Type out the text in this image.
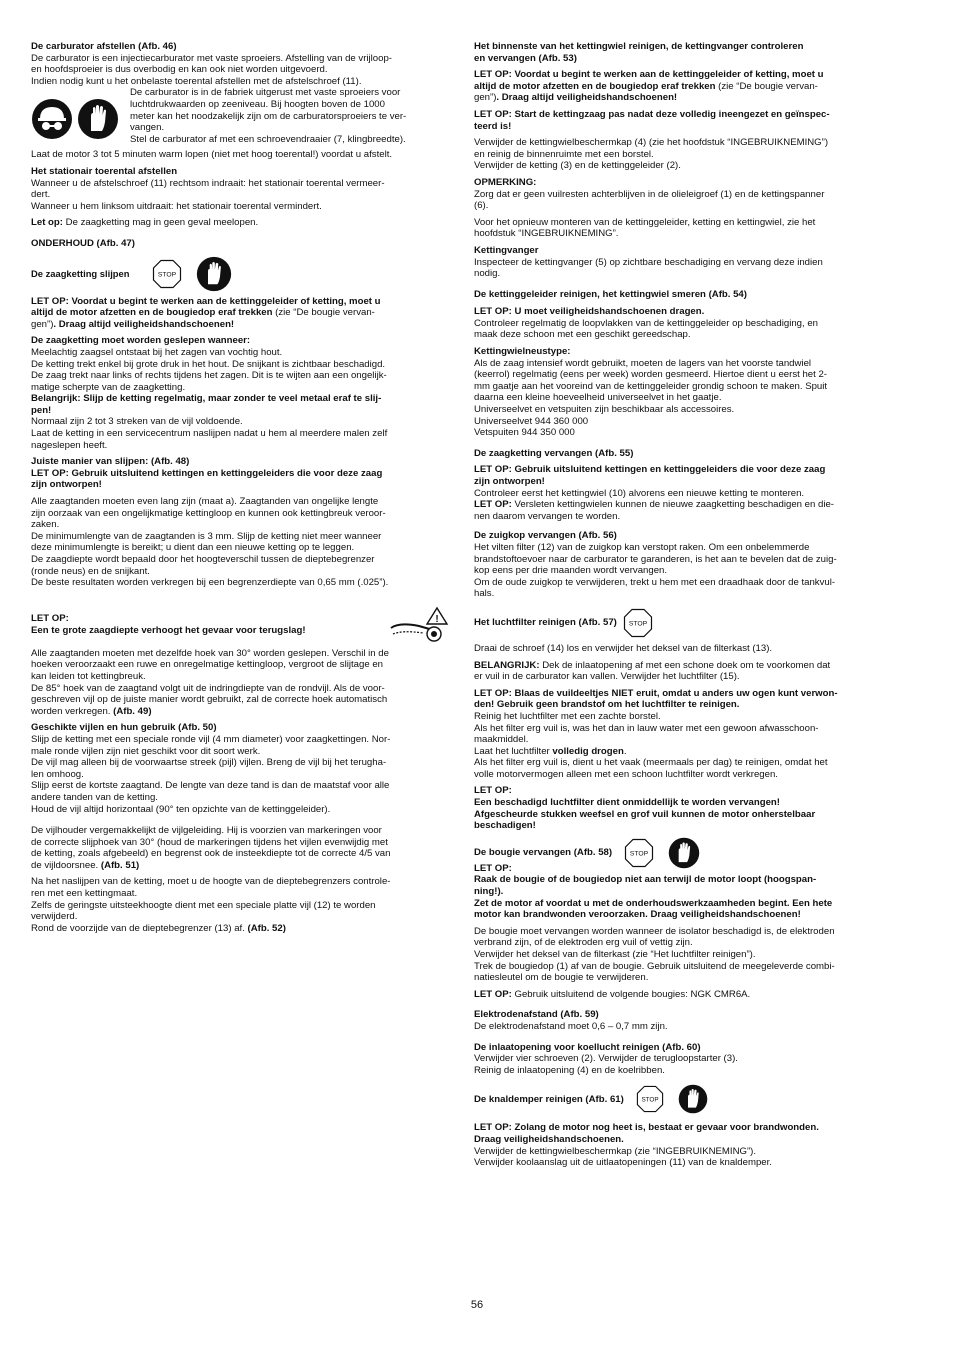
De carburator afstellen (Afb. 46)

De carburator is een injectiecarburator met vaste sproeiers. Afstelling van de vrijloop-
en hoofdsproeier is dus overbodig en kan ook niet worden uitgevoerd.
Indien nodig kunt u het onbelaste toerental afstellen met de afstelschroef (11).
De carburator is in de fabriek uitgerust met vaste sproeiers voor
luchtdrukwaarden op zeeniveau. Bij hoogten boven de 1000
meter kan het noodzakelijk zijn om de carburatorsproeiers te ver-
vangen.
Stel de carburator af met een schroevendraaier (7, klingbreedte).
Laat de motor 3 tot 5 minuten warm lopen (niet met hoog toerental!) voordat u afstelt.

Het stationair toerental afstellen

Wanneer u de afstelschroef (11) rechtsom indraait: het stationair toerental vermeer-
dert.
Wanneer u hem linksom uitdraait: het stationair toerental vermindert.
Let op: De zaagketting mag in geen geval meelopen.

ONDERHOUD (Afb. 47)

De zaagketting slijpen	STOP
LET OP: Voordat u begint te werken aan de kettinggeleider of ketting, moet u
altijd de motor afzetten en de bougiedop eraf trekken (zie “De bougie vervan-
gen”). Draag altijd veiligheidshandschoenen!

De zaagketting moet worden geslepen wanneer:

Meelachtig zaagsel ontstaat bij het zagen van vochtig hout.
De ketting trekt enkel bij grote druk in het hout. De snijkant is zichtbaar beschadigd.
De zaag trekt naar links of rechts tijdens het zagen. Dit is te wijten aan een ongelijk-
matige scherpte van de zaagketting.
Belangrijk: Slijp de ketting regelmatig, maar zonder te veel metaal eraf te slij-
pen!
Normaal zijn 2 tot 3 streken van de vijl voldoende.
Laat de ketting in een servicecentrum naslijpen nadat u hem al meerdere malen zelf
nageslepen heeft.

Juiste manier van slijpen: (Afb. 48)

LET OP: Gebruik uitsluitend kettingen en kettinggeleiders die voor deze zaag
zijn ontworpen!
Alle zaagtanden moeten even lang zijn (maat a). Zaagtanden van ongelijke lengte
zijn oorzaak van een ongelijkmatige kettingloop en kunnen ook kettingbreuk veroor-
zaken.
De minimumlengte van de zaagtanden is 3 mm. Slijp de ketting niet meer wanneer
deze minimumlengte is bereikt; u dient dan een nieuwe ketting op te leggen.
De zaagdiepte wordt bepaald door het hoogteverschil tussen de dieptebegrenzer
(ronde neus) en de snijkant.
De beste resultaten worden verkregen bij een begrenzerdiepte van 0,65 mm (.025”).
LET OP:
Een te grote zaagdiepte verhoogt het gevaar voor terugslag!
!
Alle zaagtanden moeten met dezelfde hoek van 30° worden geslepen. Verschil in de
hoeken veroorzaakt een ruwe en onregelmatige kettingloop, vergroot de slijtage en
kan leiden tot kettingbreuk.
De 85° hoek van de zaagtand volgt uit de indringdiepte van de rondvijl. Als de voor-
geschreven vijl op de juiste manier wordt gebruikt, zal de correcte hoek automatisch
worden verkregen. (Afb. 49)

Geschikte vijlen en hun gebruik (Afb. 50)

Slijp de ketting met een speciale ronde vijl (4 mm diameter) voor zaagkettingen. Nor-
male ronde vijlen zijn niet geschikt voor dit soort werk.
De vijl mag alleen bij de voorwaartse streek (pijl) vijlen. Breng de vijl bij het terugha-
len omhoog.
Slijp eerst de kortste zaagtand. De lengte van deze tand is dan de maatstaf voor alle
andere tanden van de ketting.
Houd de vijl altijd horizontaal (90° ten opzichte van de kettinggeleider).
De vijlhouder vergemakkelijkt de vijlgeleiding. Hij is voorzien van markeringen voor
de correcte slijphoek van 30° (houd de markeringen tijdens het vijlen evenwijdig met
de ketting, zoals afgebeeld) en begrenst ook de insteekdiepte tot de correcte 4/5 van
de vijldoorsnee. (Afb. 51)
Na het naslijpen van de ketting, moet u de hoogte van de dieptebegrenzers controle-
ren met een kettingmaat.
Zelfs de geringste uitsteekhoogte dient met een speciale platte vijl (12) te worden
verwijderd.
Rond de voorzijde van de dieptebegrenzer (13) af. (Afb. 52)
Het binnenste van het kettingwiel reinigen, de kettingvanger controleren
en vervangen (Afb. 53)
LET OP: Voordat u begint te werken aan de kettinggeleider of ketting, moet u
altijd de motor afzetten en de bougiedop eraf trekken (zie “De bougie vervan-
gen”). Draag altijd veiligheidshandschoenen!
LET OP: Start de kettingzaag pas nadat deze volledig ineengezet en geïnspec-
teerd is!
Verwijder de kettingwielbeschermkap (4) (zie het hoofdstuk “INGEBRUIKNEMING”)
en reinig de binnenruimte met een borstel.
Verwijder de ketting (3) en de kettinggeleider (2).

OPMERKING:

Zorg dat er geen vuilresten achterblijven in de olieleigroef (1) en de kettingspanner
(6).
Voor het opnieuw monteren van de kettinggeleider, ketting en kettingwiel, zie het
hoofdstuk “INGEBRUIKNEMING”.

Kettingvanger

Inspecteer de kettingvanger (5) op zichtbare beschadiging en vervang deze indien
nodig.

De kettinggeleider reinigen, het kettingwiel smeren (Afb. 54)

LET OP: U moet veiligheidshandschoenen dragen.
Controleer regelmatig de loopvlakken van de kettinggeleider op beschadiging, en
maak deze schoon met een geschikt gereedschap.

Kettingwielneustype:

Als de zaag intensief wordt gebruikt, moeten de lagers van het voorste tandwiel
(keerrol) regelmatig (eens per week) worden gesmeerd. Hiertoe dient u eerst het 2-
mm gaatje aan het vooreind van de kettinggeleider grondig schoon te maken. Spuit
daarna een kleine hoeveelheid universeelvet in het gaatje.
Universeelvet en vetspuiten zijn beschikbaar als accessoires.
Universeelvet 944 360 000
Vetspuiten 944 350 000

De zaagketting vervangen (Afb. 55)

LET OP: Gebruik uitsluitend kettingen en kettinggeleiders die voor deze zaag
zijn ontworpen!
Controleer eerst het kettingwiel (10) alvorens een nieuwe ketting te monteren.
LET OP: Versleten kettingwielen kunnen de nieuwe zaagketting beschadigen en die-
nen daarom vervangen te worden.

De zuigkop vervangen (Afb. 56)

Het vilten filter (12) van de zuigkop kan verstopt raken. Om een onbelemmerde
brandstoftoevoer naar de carburator te garanderen, is het aan te bevelen dat de zuig-
kop eens per drie maanden wordt vervangen.
Om de oude zuigkop te verwijderen, trekt u hem met een draadhaak door de tankvul-
hals.
Het luchtfilter reinigen (Afb. 57) STOP
Draai de schroef (14) los en verwijder het deksel van de filterkast (13).
BELANGRIJK: Dek de inlaatopening af met een schone doek om te voorkomen dat
er vuil in de carburator kan vallen. Verwijder het luchtfilter (15).
LET OP: Blaas de vuildeeltjes NIET eruit, omdat u anders uw ogen kunt verwon-
den! Gebruik geen brandstof om het luchtfilter te reinigen.
Reinig het luchtfilter met een zachte borstel.
Als het filter erg vuil is, was het dan in lauw water met een gewoon afwasschoon-
maakmiddel.
Laat het luchtfilter volledig drogen.
Als het filter erg vuil is, dient u het vaak (meermaals per dag) te reinigen, omdat het
volle motorvermogen alleen met een schoon luchtfilter wordt verkregen.
LET OP:
Een beschadigd luchtfilter dient onmiddellijk te worden vervangen!
Afgescheurde stukken weefsel en grof vuil kunnen de motor onherstelbaar
beschadigen!
De bougie vervangen (Afb. 58) STOP
LET OP:
Raak de bougie of de bougiedop niet aan terwijl de motor loopt (hoogspan-
ning!).
Zet de motor af voordat u met de onderhoudswerkzaamheden begint. Een hete
motor kan brandwonden veroorzaken. Draag veiligheidshandschoenen!
De bougie moet vervangen worden wanneer de isolator beschadigd is, de elektroden
verbrand zijn, of de elektroden erg vuil of vettig zijn.
Verwijder het deksel van de filterkast (zie “Het luchtfilter reinigen”).
Trek de bougiedop (1) af van de bougie. Gebruik uitsluitend de meegeleverde combi-
natiesleutel om de bougie te verwijderen.
LET OP: Gebruik uitsluitend de volgende bougies: NGK CMR6A.

Elektrodenafstand (Afb. 59)

De elektrodenafstand moet 0,6 – 0,7 mm zijn.

De inlaatopening voor koellucht reinigen (Afb. 60)

Verwijder vier schroeven (2). Verwijder de terugloopstarter (3).
Reinig de inlaatopening (4) en de koelribben.
De knaldemper reinigen (Afb. 61) STOP
LET OP: Zolang de motor nog heet is, bestaat er gevaar voor brandwonden.
Draag veiligheidshandschoenen.
Verwijder de kettingwielbeschermkap (zie “INGEBRUIKNEMING”).
Verwijder koolaanslag uit de uitlaatopeningen (11) van de knaldemper.
56
